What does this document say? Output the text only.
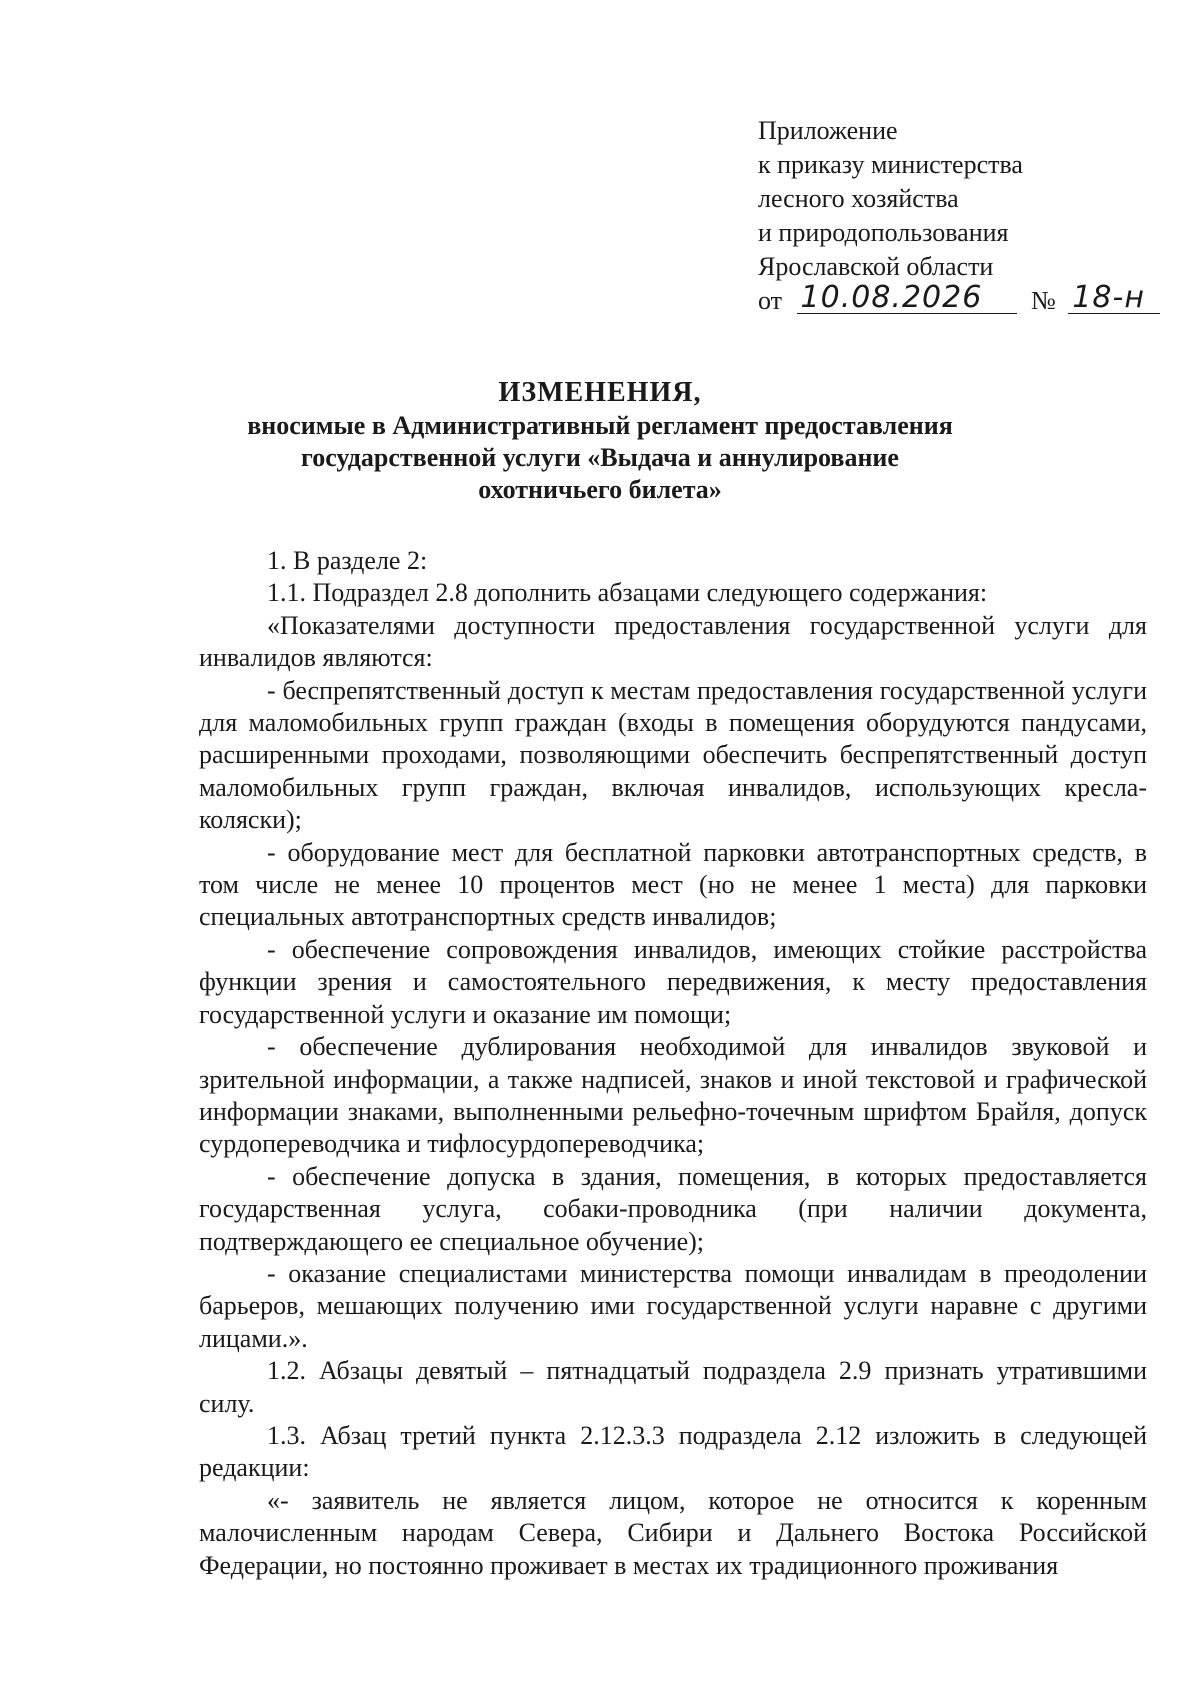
Приложение
к приказу министерства
лесного хозяйства
и природопользования
Ярославской области
от 10.08.2026 № 18-н
ИЗМЕНЕНИЯ,
вносимые в Административный регламент предоставления
государственной услуги «Выдача и аннулирование
охотничьего билета»

1. В разделе 2:

1.1. Подраздел 2.8 дополнить абзацами следующего содержания:

«Показателями доступности предоставления государственной услуги для инвалидов являются:

- беспрепятственный доступ к местам предоставления государственной услуги для маломобильных групп граждан (входы в помещения оборудуются пандусами, расширенными проходами, позволяющими обеспечить беспрепятственный доступ маломобильных групп граждан, включая инвалидов, использующих кресла-коляски);

- оборудование мест для бесплатной парковки автотранспортных средств, в том числе не менее 10 процентов мест (но не менее 1 места) для парковки специальных автотранспортных средств инвалидов;

- обеспечение сопровождения инвалидов, имеющих стойкие расстройства функции зрения и самостоятельного передвижения, к месту предоставления государственной услуги и оказание им помощи;

- обеспечение дублирования необходимой для инвалидов звуковой и зрительной информации, а также надписей, знаков и иной текстовой и графической информации знаками, выполненными рельефно-точечным шрифтом Брайля, допуск сурдопереводчика и тифлосурдопереводчика;

- обеспечение допуска в здания, помещения, в которых предоставляется государственная услуга, собаки-проводника (при наличии документа, подтверждающего ее специальное обучение);

- оказание специалистами министерства помощи инвалидам в преодолении барьеров, мешающих получению ими государственной услуги наравне с другими лицами.».

1.2. Абзацы девятый – пятнадцатый подраздела 2.9 признать утратившими силу.

1.3. Абзац третий пункта 2.12.3.3 подраздела 2.12 изложить в следующей редакции:

«- заявитель не является лицом, которое не относится к коренным малочисленным народам Севера, Сибири и Дальнего Востока Российской Федерации, но постоянно проживает в местах их традиционного проживания
